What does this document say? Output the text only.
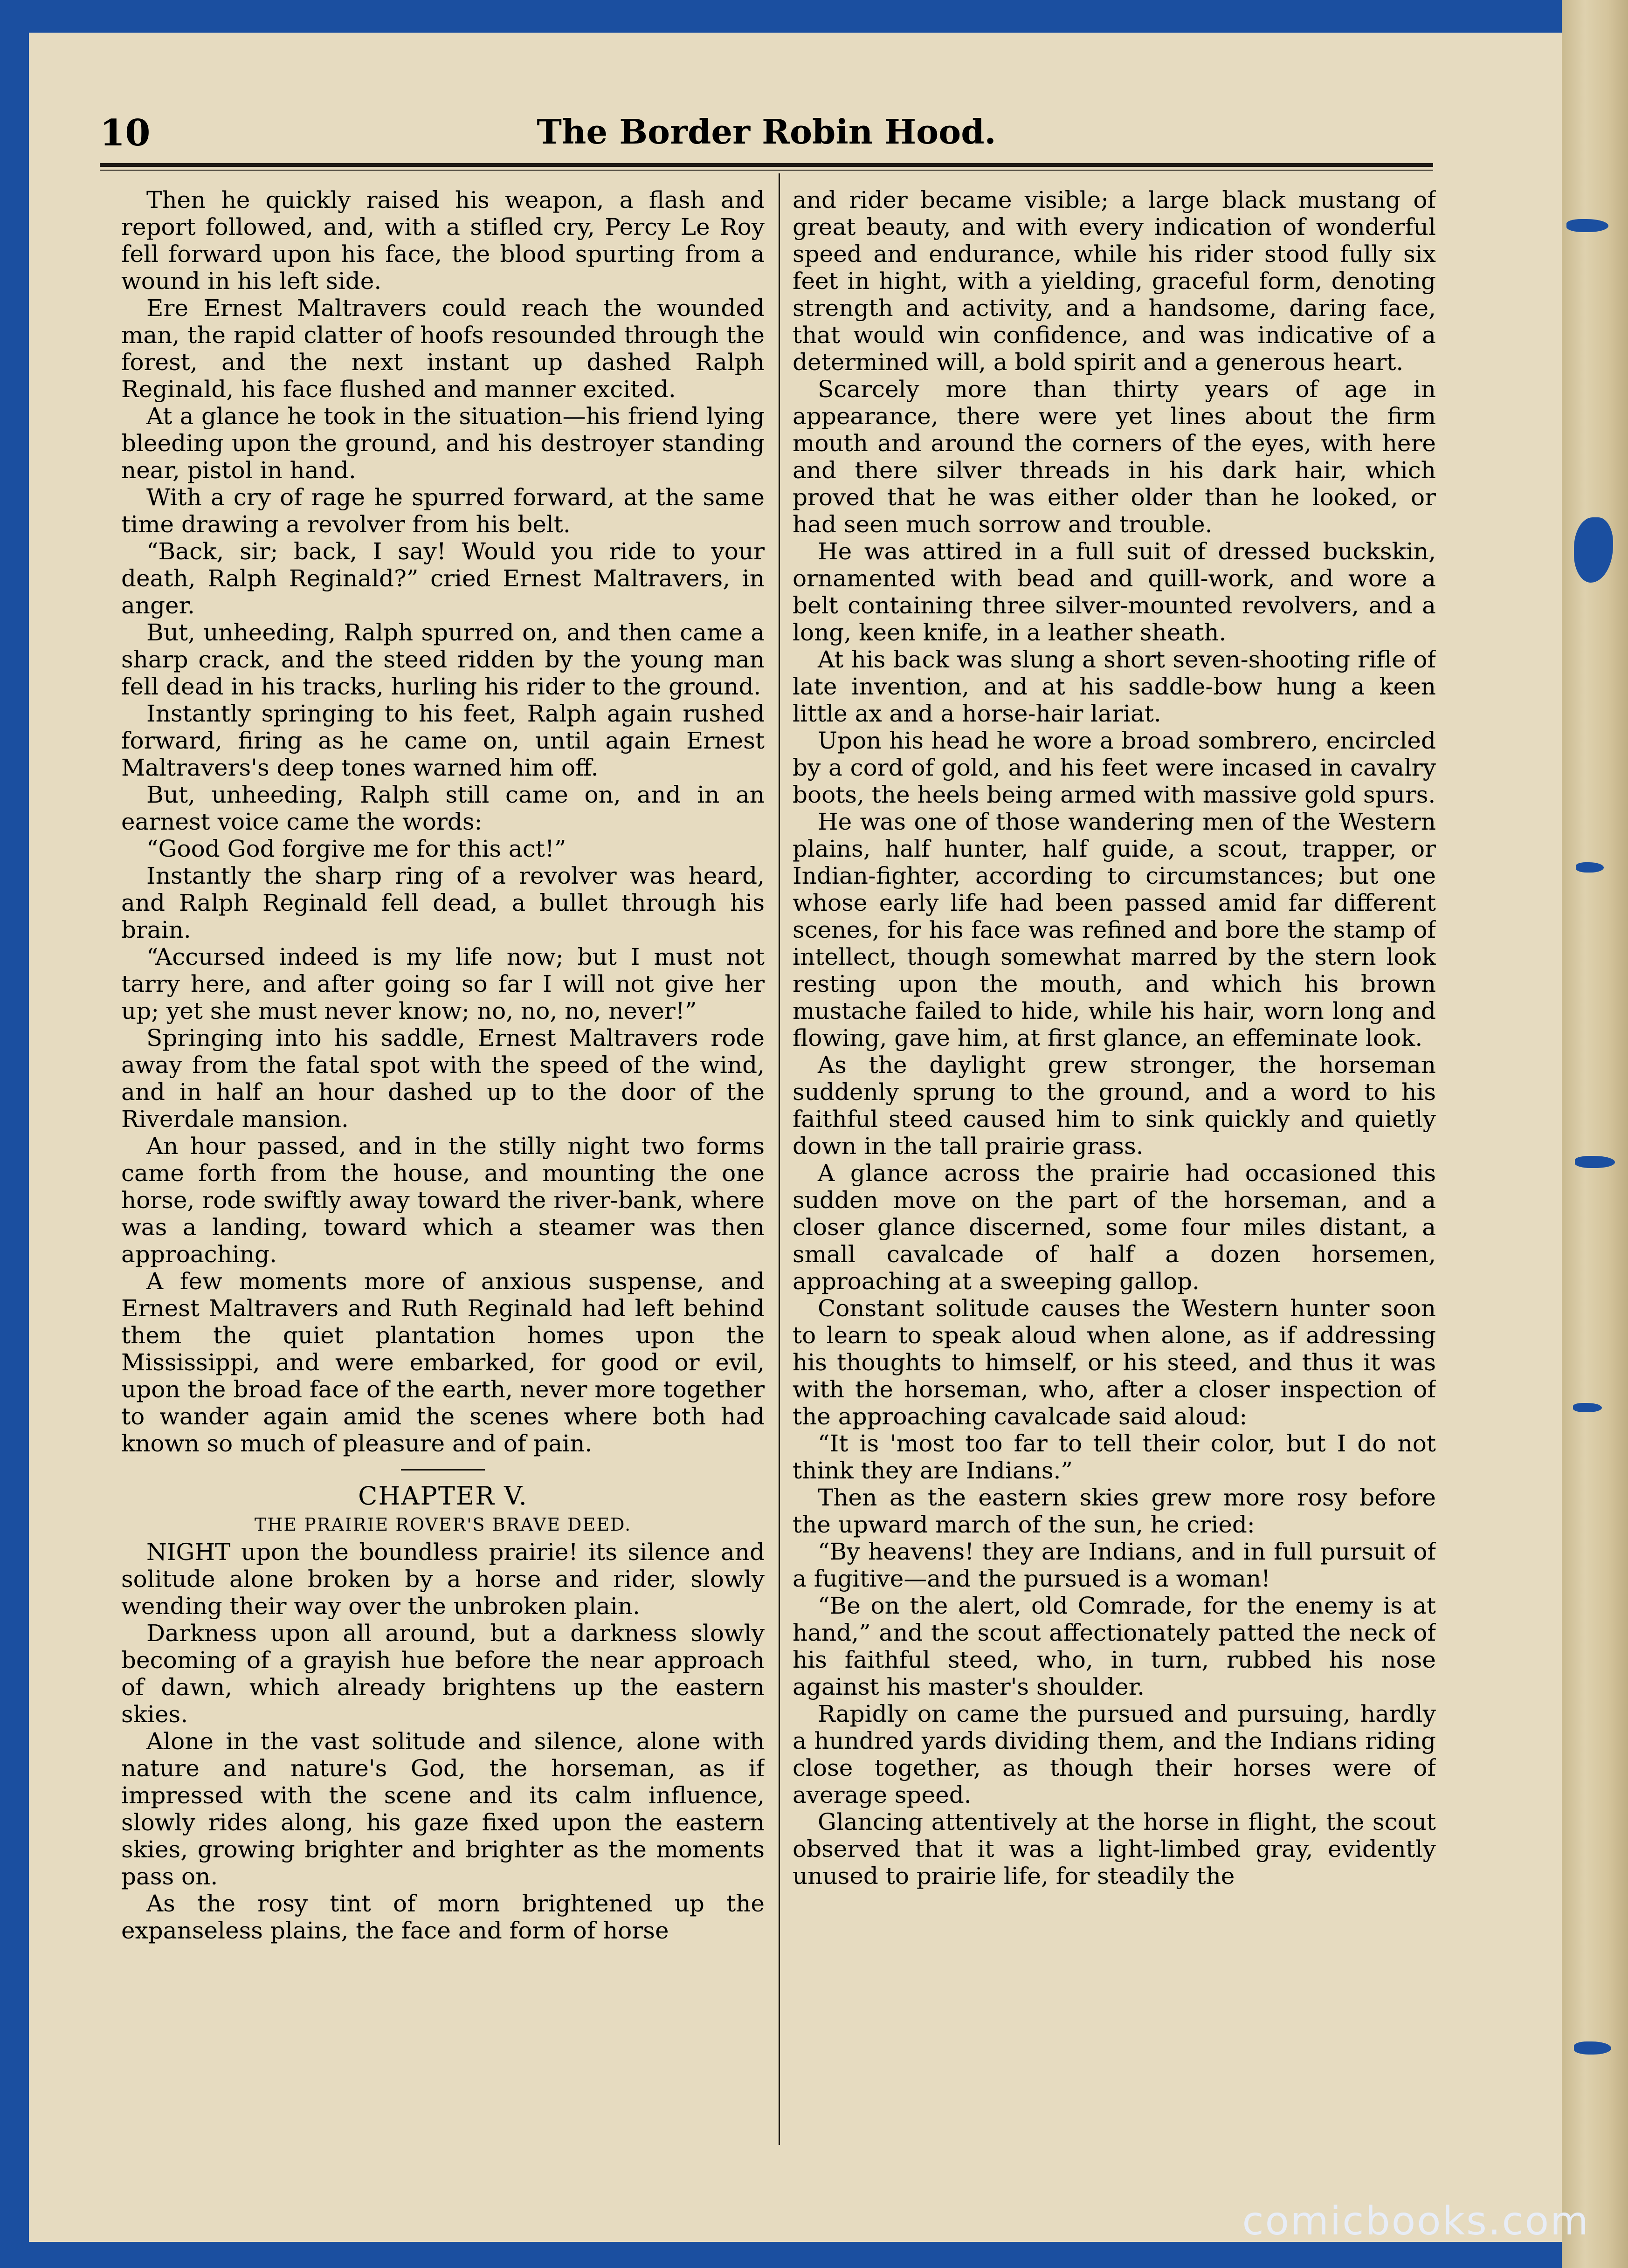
10	The Border Robin Hood.

Then he quickly raised his weapon, a flash and report followed, and, with a stifled cry, Percy Le Roy fell forward upon his face, the blood spurting from a wound in his left side.

Ere Ernest Maltravers could reach the wounded man, the rapid clatter of hoofs resounded through the forest, and the next instant up dashed Ralph Reginald, his face flushed and manner excited.

At a glance he took in the situation—his friend lying bleeding upon the ground, and his destroyer standing near, pistol in hand.

With a cry of rage he spurred forward, at the same time drawing a revolver from his belt.

“Back, sir; back, I say! Would you ride to your death, Ralph Reginald?” cried Ernest Maltravers, in anger.

But, unheeding, Ralph spurred on, and then came a sharp crack, and the steed ridden by the young man fell dead in his tracks, hurling his rider to the ground.

Instantly springing to his feet, Ralph again rushed forward, firing as he came on, until again Ernest Maltravers's deep tones warned him off.

But, unheeding, Ralph still came on, and in an earnest voice came the words:

“Good God forgive me for this act!”

Instantly the sharp ring of a revolver was heard, and Ralph Reginald fell dead, a bullet through his brain.

“Accursed indeed is my life now; but I must not tarry here, and after going so far I will not give her up; yet she must never know; no, no, no, never!”

Springing into his saddle, Ernest Maltravers rode away from the fatal spot with the speed of the wind, and in half an hour dashed up to the door of the Riverdale mansion.

An hour passed, and in the stilly night two forms came forth from the house, and mounting the one horse, rode swiftly away toward the river-bank, where was a landing, toward which a steamer was then approaching.

A few moments more of anxious suspense, and Ernest Maltravers and Ruth Reginald had left behind them the quiet plantation homes upon the Mississippi, and were embarked, for good or evil, upon the broad face of the earth, never more together to wander again amid the scenes where both had known so much of pleasure and of pain.

CHAPTER V.
THE PRAIRIE ROVER'S BRAVE DEED.

NIGHT upon the boundless prairie! its silence and solitude alone broken by a horse and rider, slowly wending their way over the unbroken plain.

Darkness upon all around, but a darkness slowly becoming of a grayish hue before the near approach of dawn, which already brightens up the eastern skies.

Alone in the vast solitude and silence, alone with nature and nature's God, the horseman, as if impressed with the scene and its calm influence, slowly rides along, his gaze fixed upon the eastern skies, growing brighter and brighter as the moments pass on.

As the rosy tint of morn brightened up the expanseless plains, the face and form of horse

and rider became visible; a large black mustang of great beauty, and with every indication of wonderful speed and endurance, while his rider stood fully six feet in hight, with a yielding, graceful form, denoting strength and activity, and a handsome, daring face, that would win confidence, and was indicative of a determined will, a bold spirit and a generous heart.

Scarcely more than thirty years of age in appearance, there were yet lines about the firm mouth and around the corners of the eyes, with here and there silver threads in his dark hair, which proved that he was either older than he looked, or had seen much sorrow and trouble.

He was attired in a full suit of dressed buckskin, ornamented with bead and quill-work, and wore a belt containing three silver-mounted revolvers, and a long, keen knife, in a leather sheath.

At his back was slung a short seven-shooting rifle of late invention, and at his saddle-bow hung a keen little ax and a horse-hair lariat.

Upon his head he wore a broad sombrero, encircled by a cord of gold, and his feet were incased in cavalry boots, the heels being armed with massive gold spurs.

He was one of those wandering men of the Western plains, half hunter, half guide, a scout, trapper, or Indian-fighter, according to circumstances; but one whose early life had been passed amid far different scenes, for his face was refined and bore the stamp of intellect, though somewhat marred by the stern look resting upon the mouth, and which his brown mustache failed to hide, while his hair, worn long and flowing, gave him, at first glance, an effeminate look.

As the daylight grew stronger, the horseman suddenly sprung to the ground, and a word to his faithful steed caused him to sink quickly and quietly down in the tall prairie grass.

A glance across the prairie had occasioned this sudden move on the part of the horseman, and a closer glance discerned, some four miles distant, a small cavalcade of half a dozen horsemen, approaching at a sweeping gallop.

Constant solitude causes the Western hunter soon to learn to speak aloud when alone, as if addressing his thoughts to himself, or his steed, and thus it was with the horseman, who, after a closer inspection of the approaching cavalcade said aloud:

“It is 'most too far to tell their color, but I do not think they are Indians.”

Then as the eastern skies grew more rosy before the upward march of the sun, he cried:

“By heavens! they are Indians, and in full pursuit of a fugitive—and the pursued is a woman!

“Be on the alert, old Comrade, for the enemy is at hand,” and the scout affectionately patted the neck of his faithful steed, who, in turn, rubbed his nose against his master's shoulder.

Rapidly on came the pursued and pursuing, hardly a hundred yards dividing them, and the Indians riding close together, as though their horses were of average speed.

Glancing attentively at the horse in flight, the scout observed that it was a light-limbed gray, evidently unused to prairie life, for steadily the

comicbooks.com
